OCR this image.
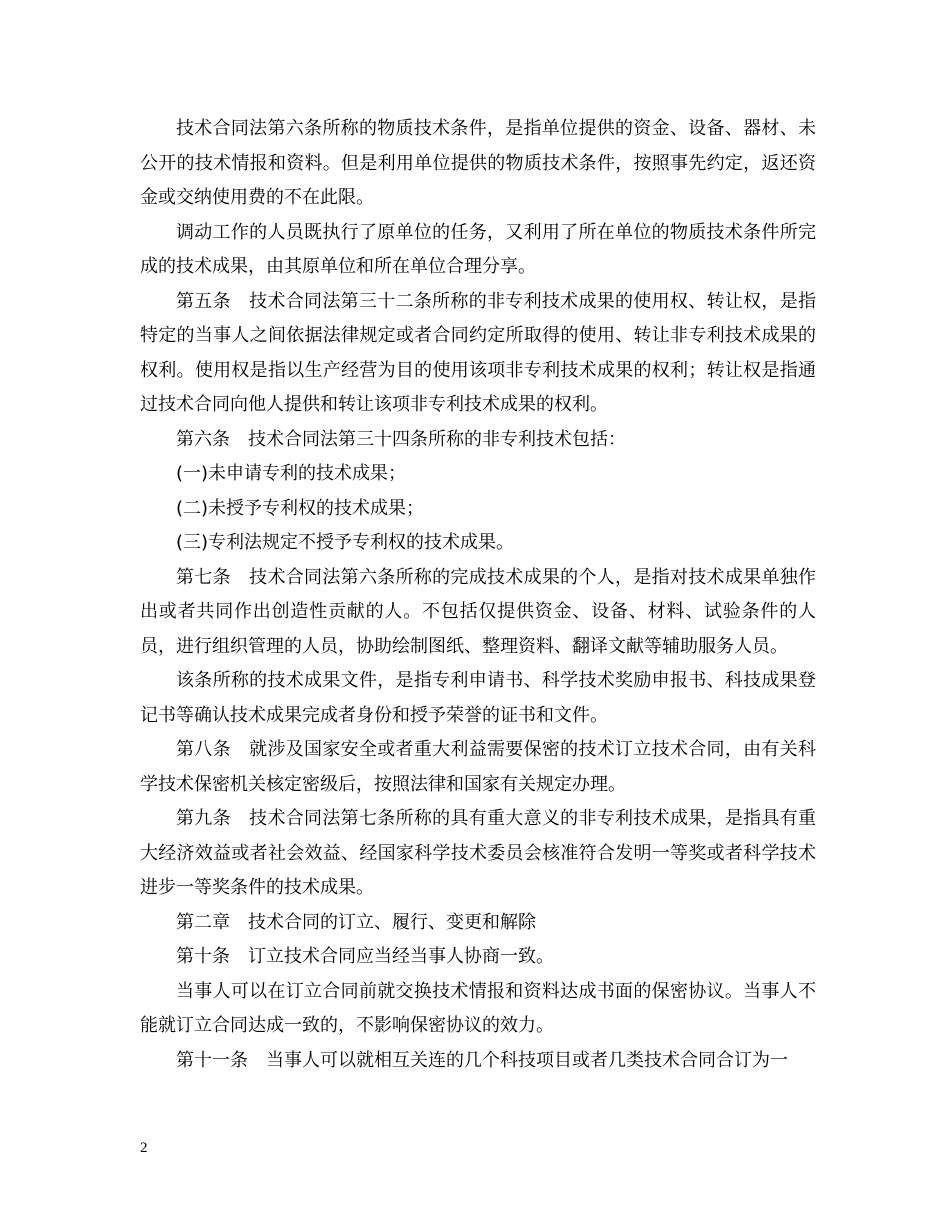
技术合同法第六条所称的物质技术条件，是指单位提供的资金、设备、器材、未公开的技术情报和资料。但是利用单位提供的物质技术条件，按照事先约定，返还资金或交纳使用费的不在此限。

调动工作的人员既执行了原单位的任务，又利用了所在单位的物质技术条件所完成的技术成果，由其原单位和所在单位合理分享。

第五条　技术合同法第三十二条所称的非专利技术成果的使用权、转让权，是指特定的当事人之间依据法律规定或者合同约定所取得的使用、转让非专利技术成果的权利。使用权是指以生产经营为目的使用该项非专利技术成果的权利；转让权是指通过技术合同向他人提供和转让该项非专利技术成果的权利。

第六条　技术合同法第三十四条所称的非专利技术包括：

(一)未申请专利的技术成果；

(二)未授予专利权的技术成果；

(三)专利法规定不授予专利权的技术成果。

第七条　技术合同法第六条所称的完成技术成果的个人，是指对技术成果单独作出或者共同作出创造性贡献的人。不包括仅提供资金、设备、材料、试验条件的人员，进行组织管理的人员，协助绘制图纸、整理资料、翻译文献等辅助服务人员。

该条所称的技术成果文件，是指专利申请书、科学技术奖励申报书、科技成果登记书等确认技术成果完成者身份和授予荣誉的证书和文件。

第八条　就涉及国家安全或者重大利益需要保密的技术订立技术合同，由有关科学技术保密机关核定密级后，按照法律和国家有关规定办理。

第九条　技术合同法第七条所称的具有重大意义的非专利技术成果，是指具有重大经济效益或者社会效益、经国家科学技术委员会核准符合发明一等奖或者科学技术进步一等奖条件的技术成果。

第二章　技术合同的订立、履行、变更和解除

第十条　订立技术合同应当经当事人协商一致。

当事人可以在订立合同前就交换技术情报和资料达成书面的保密协议。当事人不能就订立合同达成一致的，不影响保密协议的效力。

第十一条　当事人可以就相互关连的几个科技项目或者几类技术合同合订为一

2
